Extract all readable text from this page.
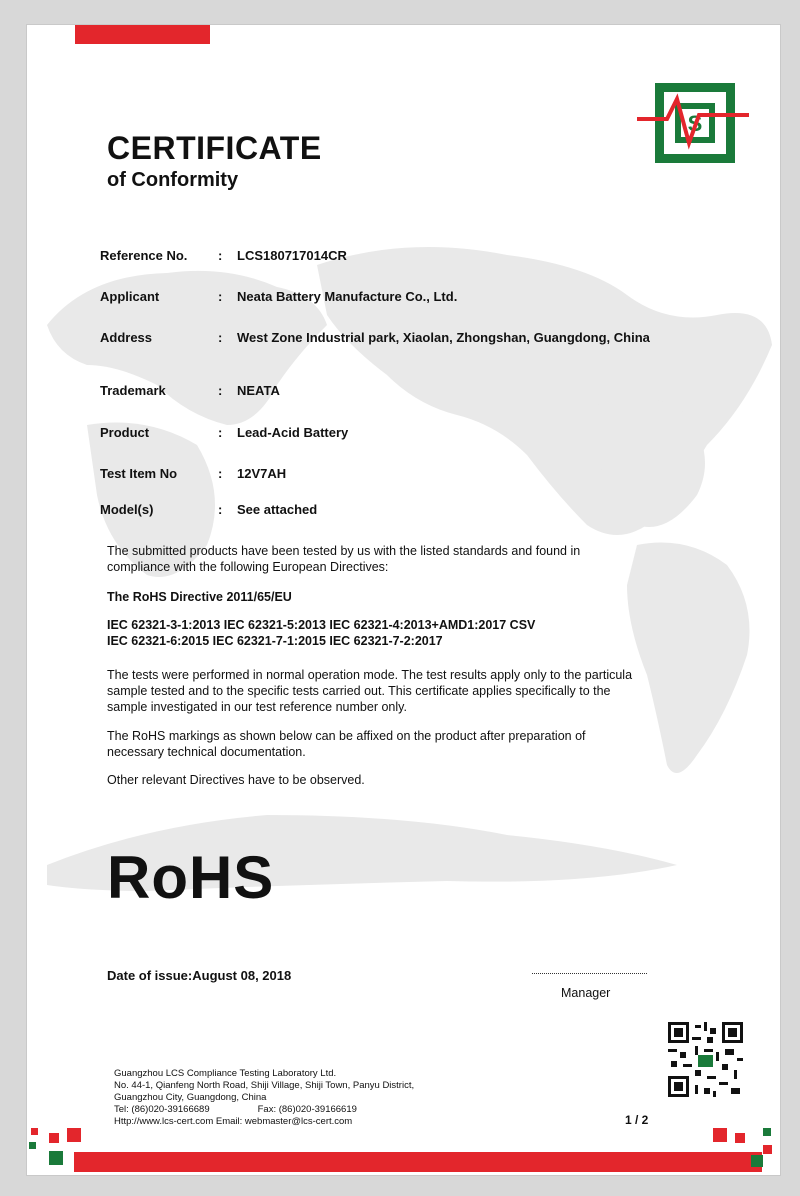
S
CERTIFICATE
of Conformity
Reference No. : LCS180717014CR
Applicant	: Neata Battery Manufacture Co., Ltd.
Address	: West Zone Industrial park, Xiaolan, Zhongshan, Guangdong, China
Trademark	: NEATA
Product	: Lead-Acid Battery
Test Item No	: 12V7AH
Model(s)	: See attached

The submitted products have been tested by us with the listed standards and found in
compliance with the following European Directives:

The RoHS Directive 2011/65/EU

IEC 62321-3-1:2013 IEC 62321-5:2013 IEC 62321-4:2013+AMD1:2017 CSV
IEC 62321-6:2015 IEC 62321-7-1:2015 IEC 62321-7-2:2017

The tests were performed in normal operation mode. The test results apply only to the particula
sample tested and to the specific tests carried out. This certificate applies specifically to the
sample investigated in our test reference number only.

The RoHS markings as shown below can be affixed on the product after preparation of
necessary technical documentation.

Other relevant Directives have to be observed.

RoHS
Date of issue:August 08, 2018
Manager

Guangzhou LCS Compliance Testing Laboratory Ltd.
No. 44-1, Qianfeng North Road, Shiji Village, Shiji Town, Panyu District,
Guangzhou City, Guangdong, China
Tel: (86)020-39166689	Fax: (86)020-39166619
Http://www.lcs-cert.com Email: webmaster@lcs-cert.com	1 / 2
